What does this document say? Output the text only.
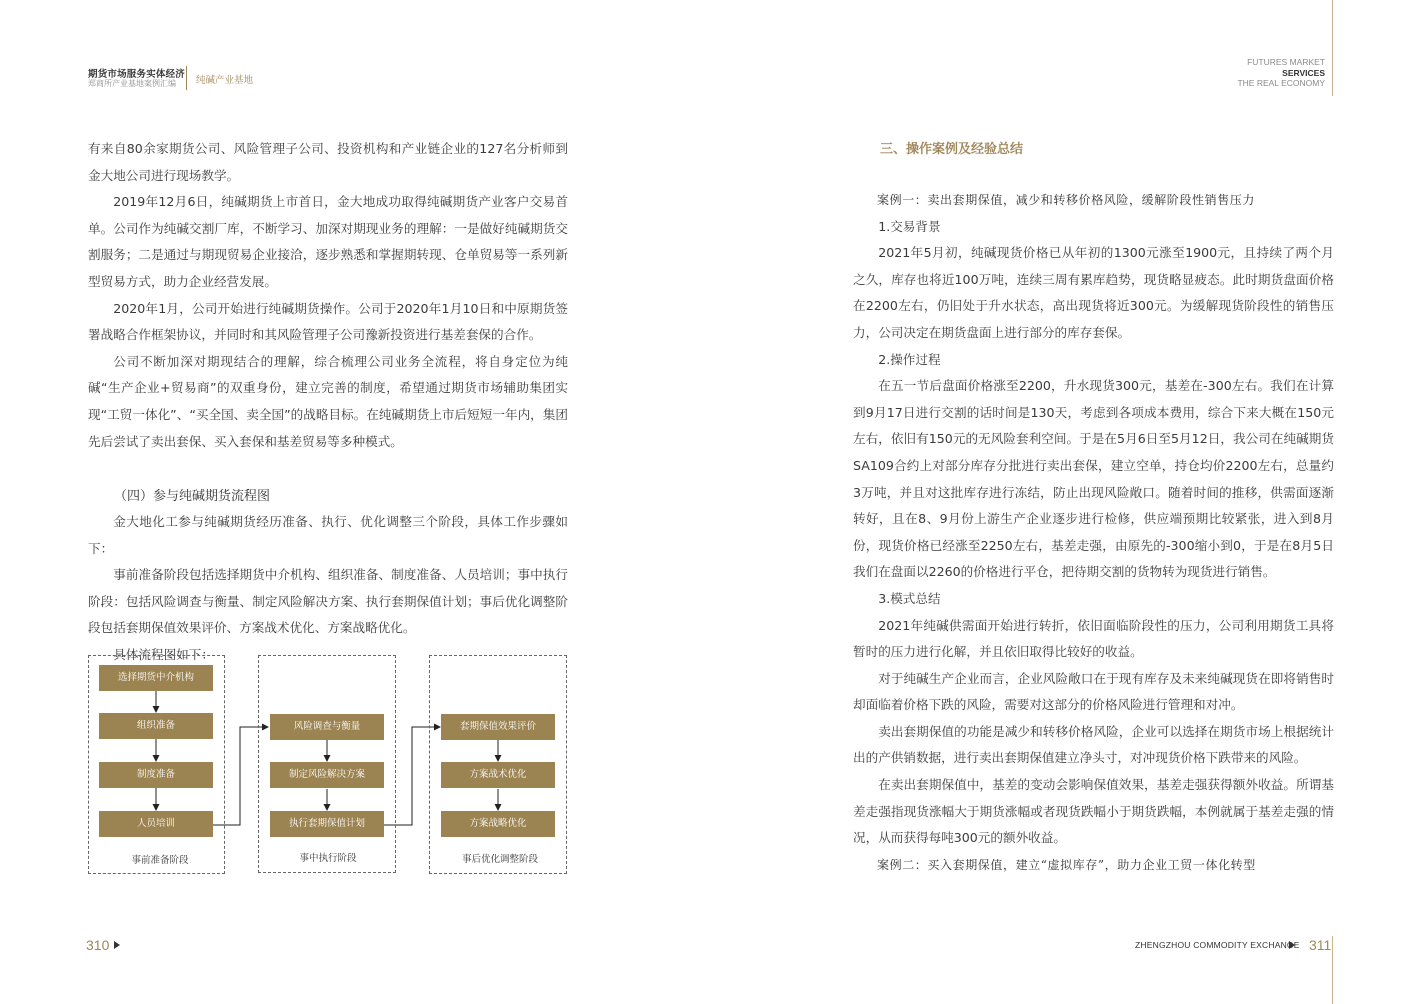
期货市场服务实体经济
郑商所产业基地案例汇编 纯碱产业基地
FUTURES MARKET
SERVICES
THE REAL ECONOMY

有来自80余家期货公司、风险管理子公司、投资机构和产业链企业的127名分析师到金大地公司进行现场教学。

2019年12月6日，纯碱期货上市首日，金大地成功取得纯碱期货产业客户交易首单。公司作为纯碱交割厂库，不断学习、加深对期现业务的理解：一是做好纯碱期货交割服务；二是通过与期现贸易企业接洽，逐步熟悉和掌握期转现、仓单贸易等一系列新型贸易方式，助力企业经营发展。

2020年1月，公司开始进行纯碱期货操作。公司于2020年1月10日和中原期货签署战略合作框架协议，并同时和其风险管理子公司豫新投资进行基差套保的合作。

公司不断加深对期现结合的理解，综合梳理公司业务全流程，将自身定位为纯碱“生产企业+贸易商”的双重身份，建立完善的制度，希望通过期货市场辅助集团实现“工贸一体化”、“买全国、卖全国”的战略目标。在纯碱期货上市后短短一年内，集团先后尝试了卖出套保、买入套保和基差贸易等多种模式。

（四）参与纯碱期货流程图

金大地化工参与纯碱期货经历准备、执行、优化调整三个阶段，具体工作步骤如下：

事前准备阶段包括选择期货中介机构、组织准备、制度准备、人员培训；事中执行阶段：包括风险调查与衡量、制定风险解决方案、执行套期保值计划；事后优化调整阶段包括套期保值效果评价、方案战术优化、方案战略优化。

具体流程图如下：

选择期货中介机构
组织准备
制度准备
人员培训
事前准备阶段
风险调查与衡量
制定风险解决方案
执行套期保值计划
事中执行阶段
套期保值效果评价
方案战术优化
方案战略优化
事后优化调整阶段
三、操作案例及经验总结

案例一：卖出套期保值，减少和转移价格风险，缓解阶段性销售压力

1.交易背景

2021年5月初，纯碱现货价格已从年初的1300元涨至1900元，且持续了两个月之久，库存也将近100万吨，连续三周有累库趋势，现货略显疲态。此时期货盘面价格在2200左右，仍旧处于升水状态，高出现货将近300元。为缓解现货阶段性的销售压力，公司决定在期货盘面上进行部分的库存套保。

2.操作过程

在五一节后盘面价格涨至2200，升水现货300元，基差在-300左右。我们在计算到9月17日进行交割的话时间是130天，考虑到各项成本费用，综合下来大概在150元左右，依旧有150元的无风险套利空间。于是在5月6日至5月12日，我公司在纯碱期货SA109合约上对部分库存分批进行卖出套保，建立空单，持仓均价2200左右，总量约3万吨，并且对这批库存进行冻结，防止出现风险敞口。随着时间的推移，供需面逐渐转好，且在8、9月份上游生产企业逐步进行检修，供应端预期比较紧张，进入到8月份，现货价格已经涨至2250左右，基差走强，由原先的-300缩小到0，于是在8月5日我们在盘面以2260的价格进行平仓，把待期交割的货物转为现货进行销售。

3.模式总结

2021年纯碱供需面开始进行转折，依旧面临阶段性的压力，公司利用期货工具将暂时的压力进行化解，并且依旧取得比较好的收益。

对于纯碱生产企业而言，企业风险敞口在于现有库存及未来纯碱现货在即将销售时却面临着价格下跌的风险，需要对这部分的价格风险进行管理和对冲。

卖出套期保值的功能是减少和转移价格风险，企业可以选择在期货市场上根据统计出的产供销数据，进行卖出套期保值建立净头寸，对冲现货价格下跌带来的风险。

在卖出套期保值中，基差的变动会影响保值效果，基差走强获得额外收益。所谓基差走强指现货涨幅大于期货涨幅或者现货跌幅小于期货跌幅，本例就属于基差走强的情况，从而获得每吨300元的额外收益。

案例二：买入套期保值，建立“虚拟库存”，助力企业工贸一体化转型

310	ZHENGZHOU COMMODITY EXCHANGE 311
